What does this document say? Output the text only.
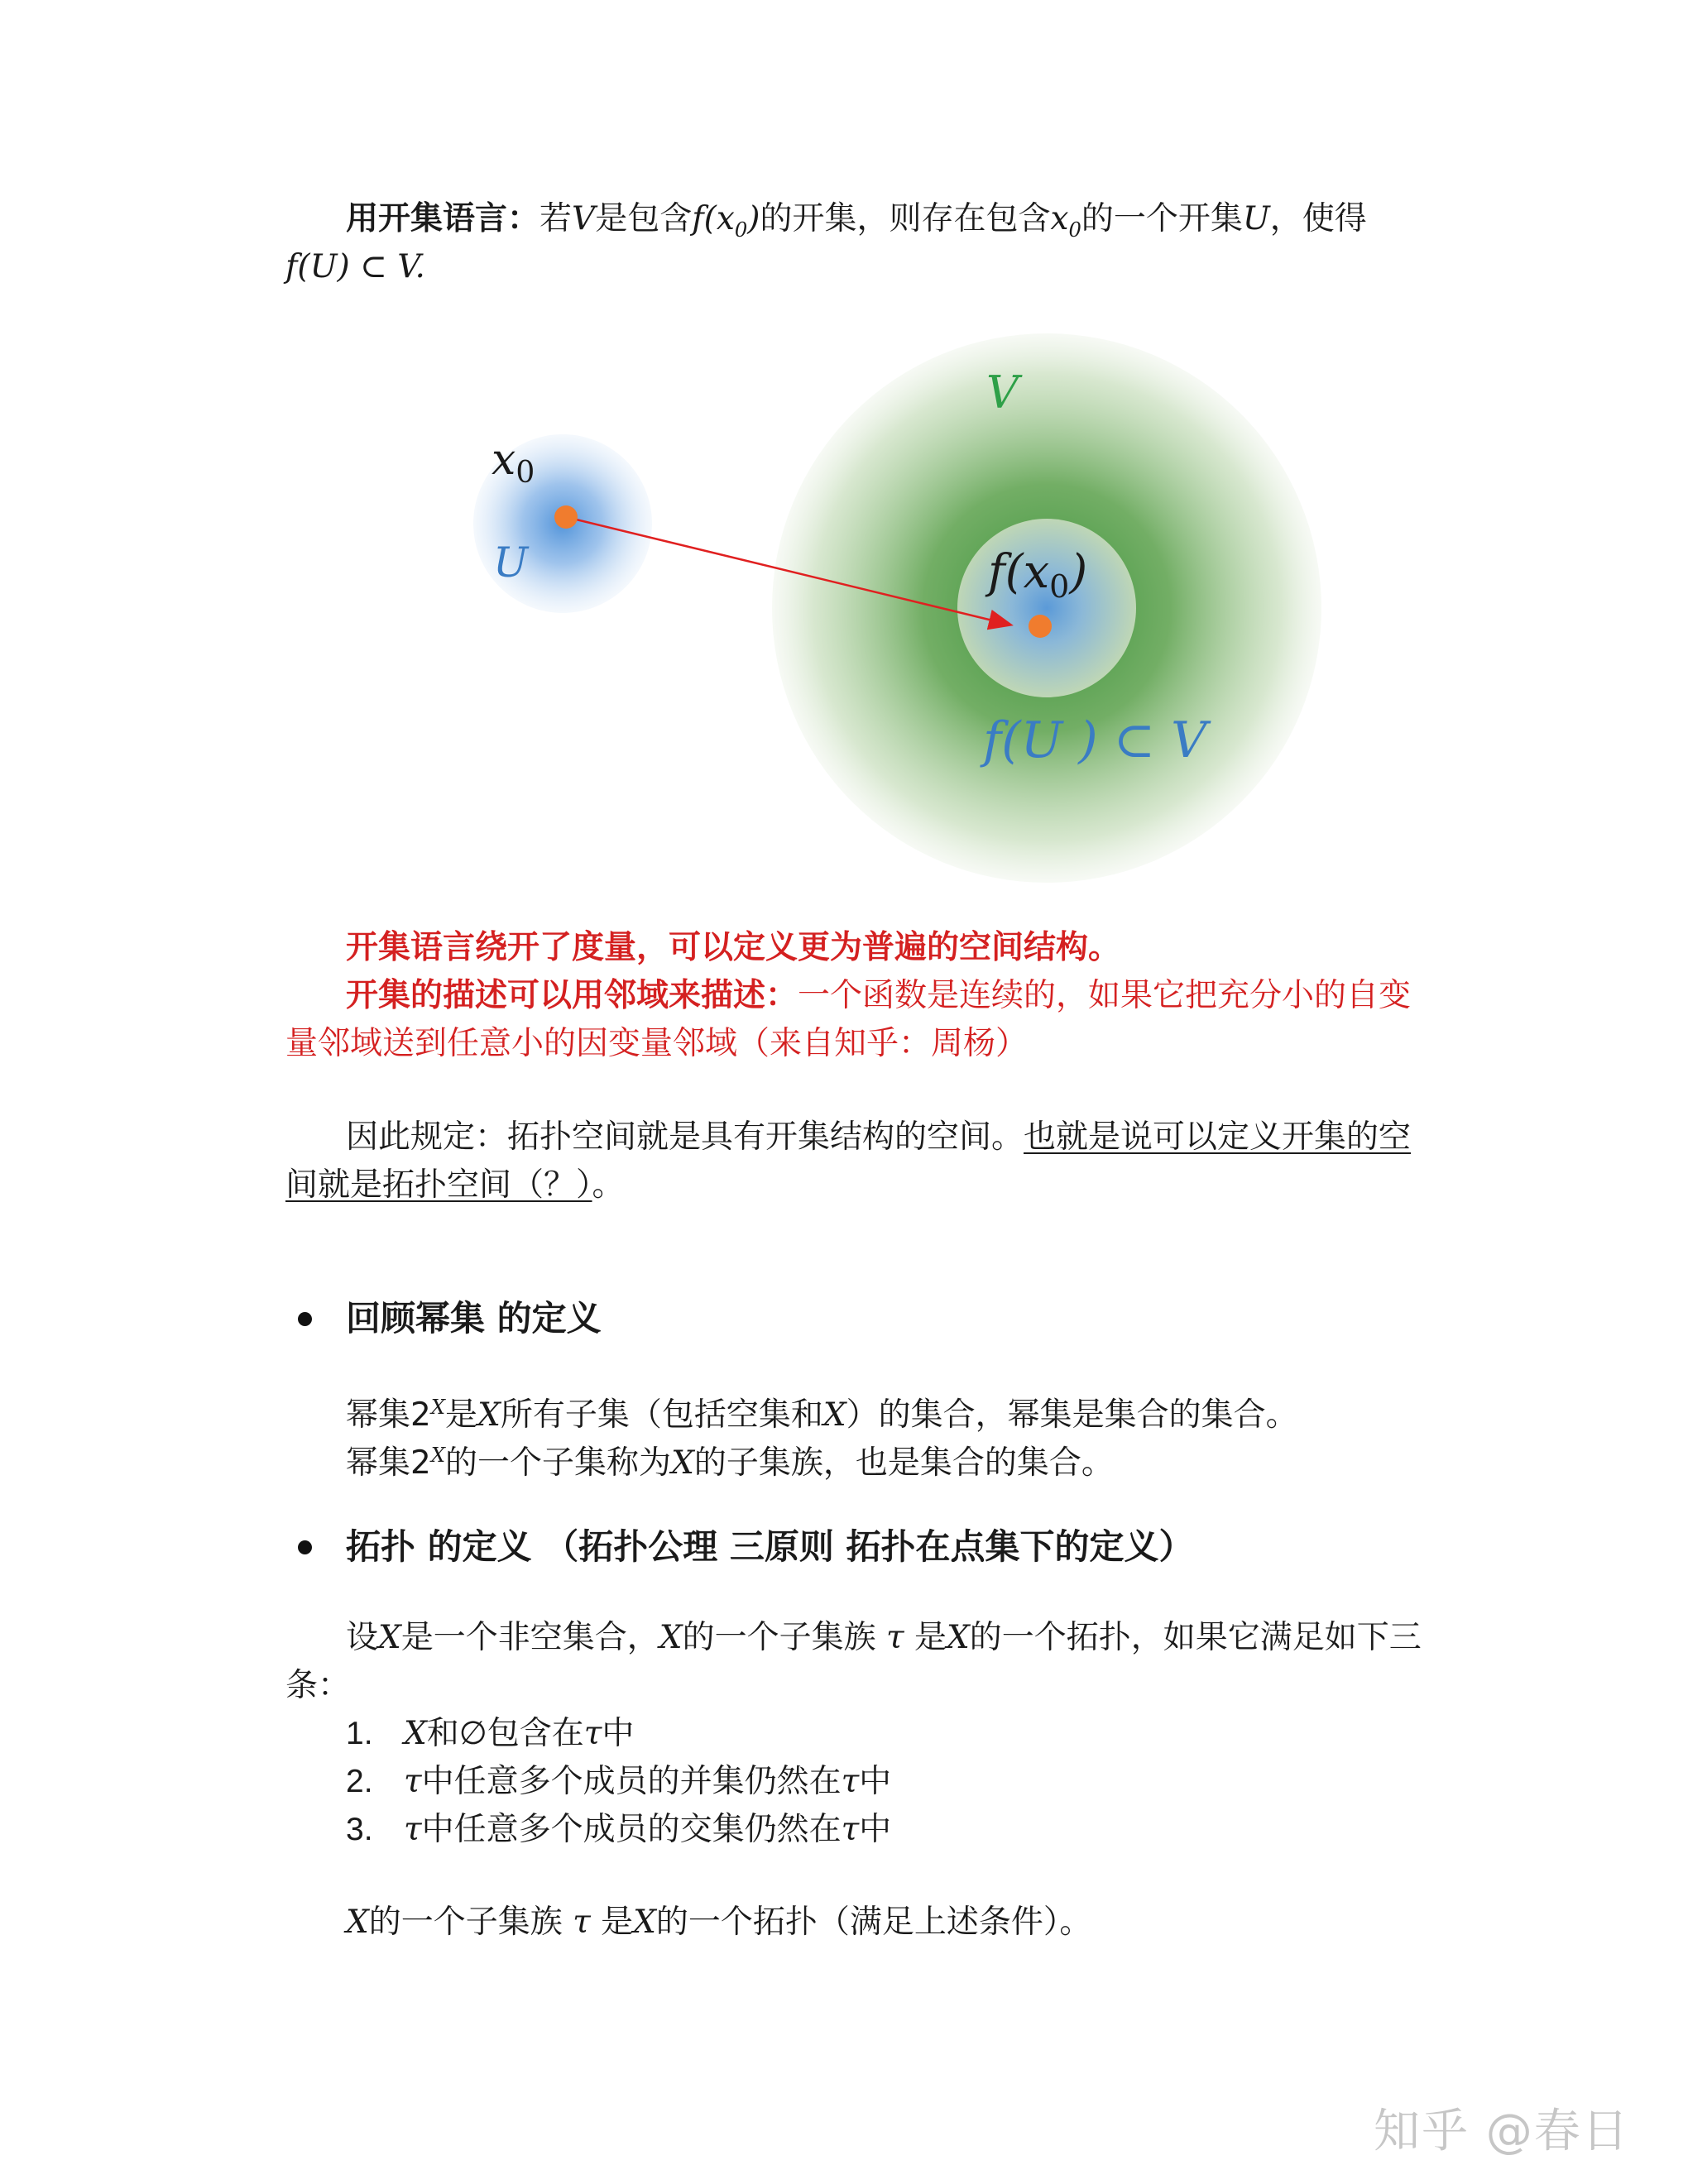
用开集语言：若V是包含$f(x_0)$的开集，则存在包含$x_0$的一个开集U，使得
f(U) ⊂ V.
x0
U
V
$f(x_0)$
f(U ) ⊂ V
开集语言绕开了度量，可以定义更为普遍的空间结构。
开集的描述可以用邻域来描述：一个函数是连续的，如果它把充分小的自变
量邻域送到任意小的因变量邻域（来自知乎：周杨）
因此规定：拓扑空间就是具有开集结构的空间。也就是说可以定义开集的空
间就是拓扑空间（？）。
回顾幂集 的定义
幂集$2^X$是X所有子集（包括空集和X）的集合，幂集是集合的集合。
幂集$2^X$的一个子集称为X的子集族，也是集合的集合。
拓扑 的定义 （拓扑公理 三原则 拓扑在点集下的定义）
设X是一个非空集合，X的一个子集族 τ 是X的一个拓扑，如果它满足如下三
条：
1. X和∅包含在τ中
2. τ中任意多个成员的并集仍然在τ中
3. τ中任意多个成员的交集仍然在τ中
X的一个子集族 τ 是X的一个拓扑（满足上述条件）。
知乎 @春日
